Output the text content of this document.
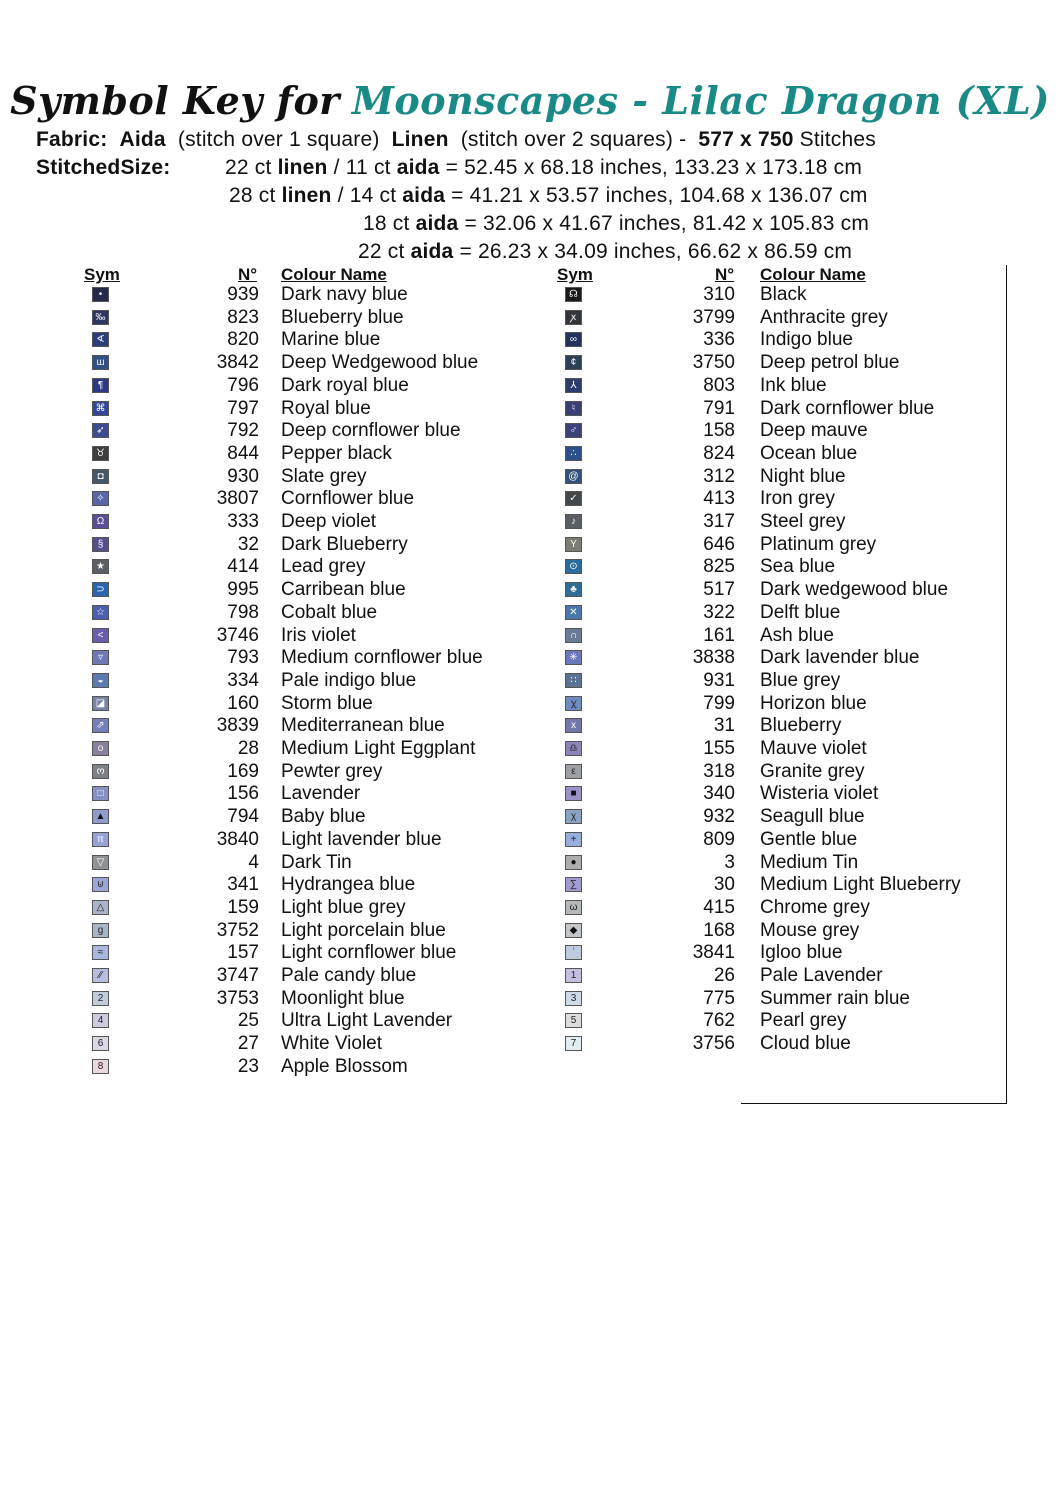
Symbol Key for Moonscapes - Lilac Dragon (XL)
Fabric: Aida (stitch over 1 square) Linen (stitch over 2 squares) - 577 x 750 Stitches
StitchedSize:	22 ct linen / 11 ct aida = 52.45 x 68.18 inches, 133.23 x 173.18 cm
28 ct linen / 14 ct aida = 41.21 x 53.57 inches, 104.68 x 136.07 cm
18 ct aida = 32.06 x 41.67 inches, 81.42 x 105.83 cm
22 ct aida = 26.23 x 34.09 inches, 66.62 x 86.59 cm
Sym	N° Colour Name
•	939 Dark navy blue
‰	823 Blueberry blue
∢	820 Marine blue
ш	3842 Deep Wedgewood blue
¶	796 Dark royal blue
⌘	797 Royal blue
➶	792 Deep cornflower blue
♉	844 Pepper black
◘	930 Slate grey
✧	3807 Cornflower blue
Ω	333 Deep violet
§	32 Dark Blueberry
★	414 Lead grey
⊃	995 Carribean blue
☆	798 Cobalt blue
<	3746 Iris violet
▿	793 Medium cornflower blue
◒	334 Pale indigo blue
◪	160 Storm blue
⇗	3839 Mediterranean blue
o	28 Medium Light Eggplant
ო	169 Pewter grey
□	156 Lavender
▲	794 Baby blue
π	3840 Light lavender blue
▽	4 Dark Tin
⊍	341 Hydrangea blue
△	159 Light blue grey
g	3752 Light porcelain blue
≈	157 Light cornflower blue
⁄⁄	3747 Pale candy blue
2	3753 Moonlight blue
4	25 Ultra Light Lavender
6	27 White Violet
8	23 Apple Blossom
Sym	N° Colour Name
☊	310 Black
ꭗ	3799 Anthracite grey
∞	336 Indigo blue
¢	3750 Deep petrol blue
⅄	803 Ink blue
♮	791 Dark cornflower blue
♂	158 Deep mauve
∴	824 Ocean blue
@	312 Night blue
✓	413 Iron grey
♪	317 Steel grey
Y	646 Platinum grey
⊙	825 Sea blue
♣	517 Dark wedgewood blue
✕	322 Delft blue
∩	161 Ash blue
✳	3838 Dark lavender blue
∷	931 Blue grey
ꭓ	799 Horizon blue
x	31 Blueberry
♎	155 Mauve violet
ε	318 Granite grey
■	340 Wisteria violet
χ	932 Seagull blue
+	809 Gentle blue
●	3 Medium Tin
∑	30 Medium Light Blueberry
ω	415 Chrome grey
◆	168 Mouse grey
ʿ	3841 Igloo blue
1	26 Pale Lavender
3	775 Summer rain blue
5	762 Pearl grey
7	3756 Cloud blue
